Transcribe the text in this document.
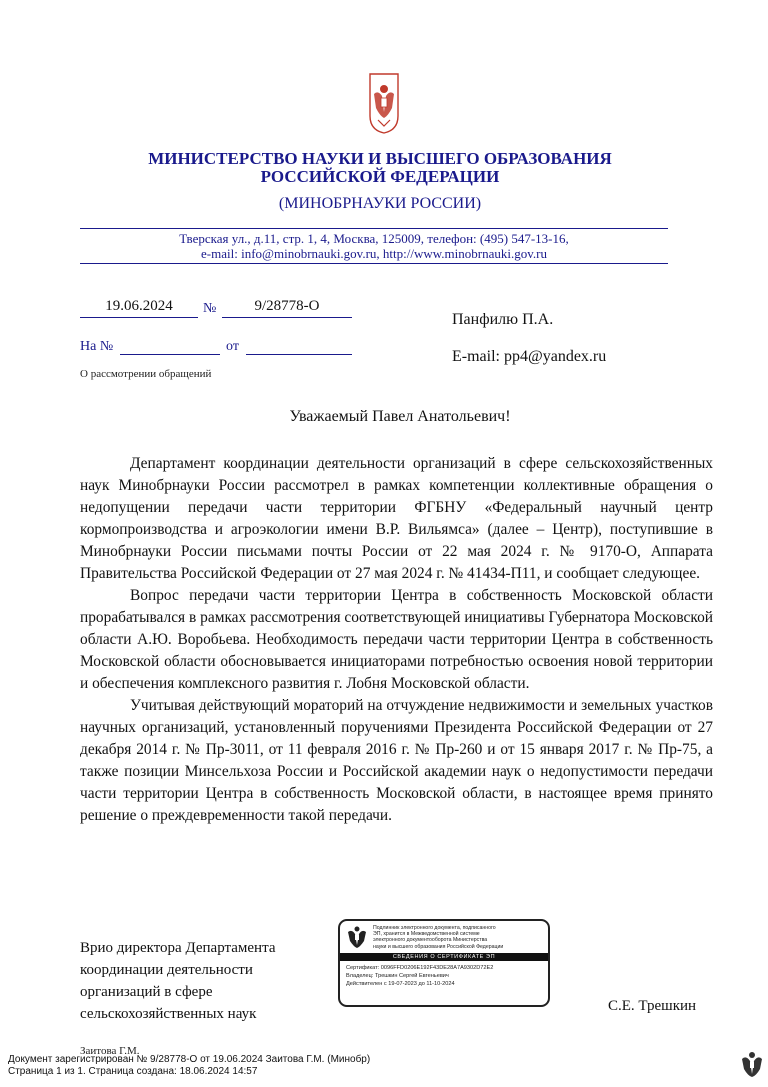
МИНИСТЕРСТВО НАУКИ И ВЫСШЕГО ОБРАЗОВАНИЯ
РОССИЙСКОЙ ФЕДЕРАЦИИ
(МИНОБРНАУКИ РОССИИ)
Тверская ул., д.11, стр. 1, 4, Москва, 125009, телефон: (495) 547-13-16,
e-mail: info@minobrnauki.gov.ru, http://www.minobrnauki.gov.ru
19.06.2024	№	9/28778-О
На №	от
О рассмотрении обращений
Панфилю П.А.
E-mail: pp4@yandex.ru
Уважаемый Павел Анатольевич!

Департамент координации деятельности организаций в сфере сельскохозяйственных наук Минобрнауки России рассмотрел в рамках компетенции коллективные обращения о недопущении передачи части территории ФГБНУ «Федеральный научный центр кормопроизводства и агроэкологии имени В.Р. Вильямса» (далее – Центр), поступившие в Минобрнауки России письмами почты России от 22 мая 2024 г. № 9170-О, Аппарата Правительства Российской Федерации от 27 мая 2024 г. № 41434-П11, и сообщает следующее.

Вопрос передачи части территории Центра в собственность Московской области прорабатывался в рамках рассмотрения соответствующей инициативы Губернатора Московской области А.Ю. Воробьева. Необходимость передачи части территории Центра в собственность Московской области обосновывается инициаторами потребностью освоения новой территории и обеспечения комплексного развития г. Лобня Московской области.

Учитывая действующий мораторий на отчуждение недвижимости и земельных участков научных организаций, установленный поручениями Президента Российской Федерации от 27 декабря 2014 г. № Пр-3011, от 11 февраля 2016 г. № Пр-260 и от 15 января 2017 г. № Пр-75, а также позиции Минсельхоза России и Российской академии наук о недопустимости передачи части территории Центра в собственность Московской области, в настоящее время принято решение о преждевременности такой передачи.

Врио директора Департамента
координации деятельности
организаций в сфере
сельскохозяйственных наук
Подлинник электронного документа, подписанного
ЭП, хранится в Межведомственной системе
электронного документооборота Министерства
науки и высшего образования Российской Федерации
СВЕДЕНИЯ О СЕРТИФИКАТЕ ЭП
Сертификат: 0096FFD0206E192F43DE28A7A9302D72E2
Владелец: Трешкин Сергей Евгеньевич
Действителен с 19-07-2023 до 11-10-2024
С.Е. Трешкин
Заитова Г.М.
Документ зарегистрирован № 9/28778-О от 19.06.2024 Заитова Г.М. (Минобр)
Страница 1 из 1. Страница создана: 18.06.2024 14:57
